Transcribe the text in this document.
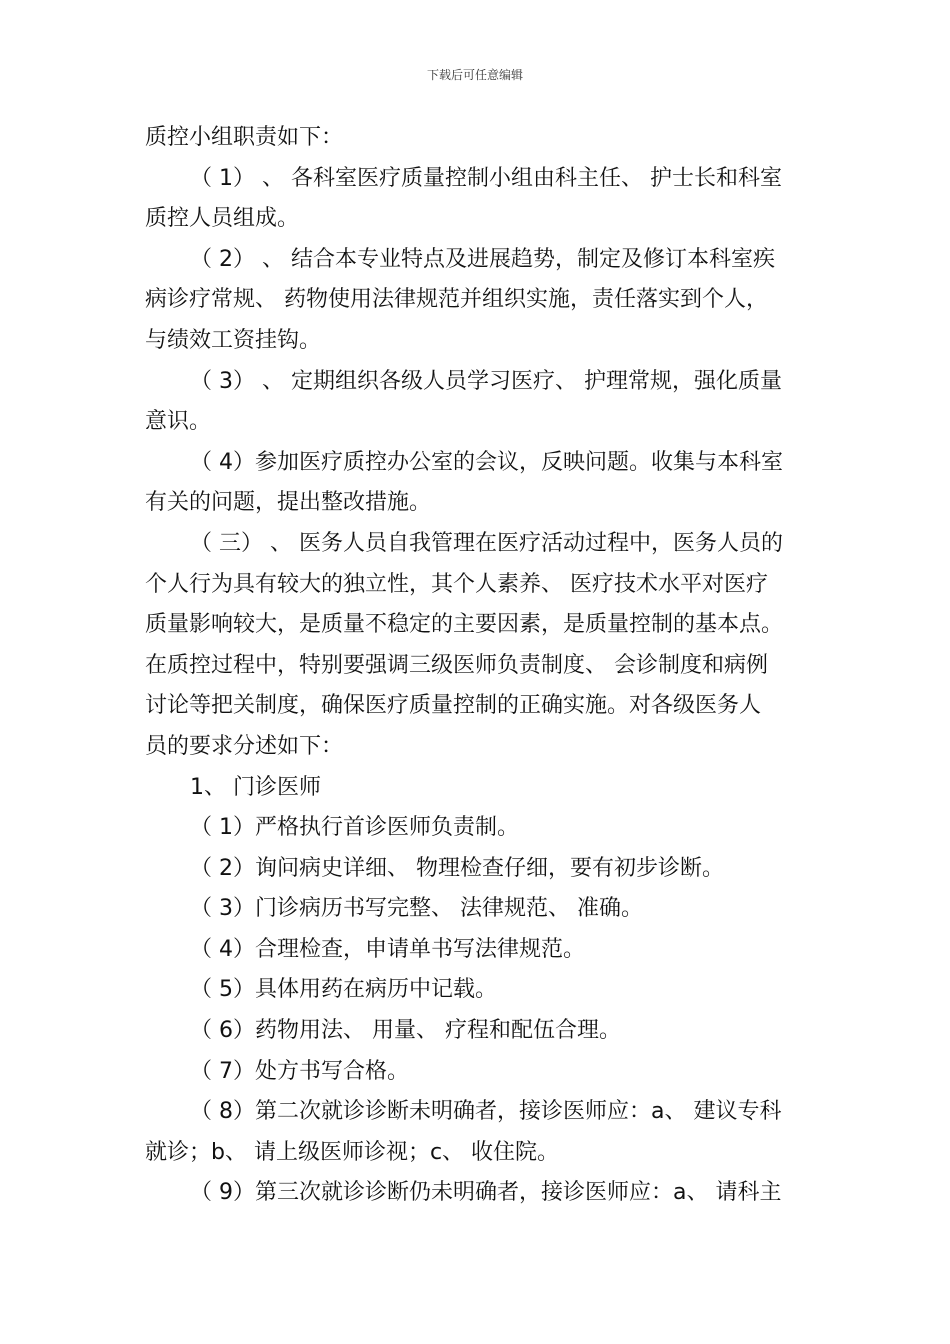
下载后可任意编辑
质控小组职责如下：
（ 1） 、 各科室医疗质量控制小组由科主任、 护士长和科室
质控人员组成。
（ 2） 、 结合本专业特点及进展趋势，制定及修订本科室疾
病诊疗常规、 药物使用法律规范并组织实施，责任落实到个人，
与绩效工资挂钩。
（ 3） 、 定期组织各级人员学习医疗、 护理常规，强化质量
意识。
（ 4）参加医疗质控办公室的会议，反映问题。收集与本科室
有关的问题，提出整改措施。
（ 三） 、 医务人员自我管理在医疗活动过程中，医务人员的
个人行为具有较大的独立性，其个人素养、 医疗技术水平对医疗
质量影响较大，是质量不稳定的主要因素，是质量控制的基本点。
在质控过程中，特别要强调三级医师负责制度、 会诊制度和病例
讨论等把关制度，确保医疗质量控制的正确实施。对各级医务人
员的要求分述如下：
1、 门诊医师
（ 1）严格执行首诊医师负责制。
（ 2）询问病史详细、 物理检查仔细，要有初步诊断。
（ 3）门诊病历书写完整、 法律规范、 准确。
（ 4）合理检查，申请单书写法律规范。
（ 5）具体用药在病历中记载。
（ 6）药物用法、 用量、 疗程和配伍合理。
（ 7）处方书写合格。
（ 8）第二次就诊诊断未明确者，接诊医师应：a、 建议专科
就诊；b、 请上级医师诊视；c、 收住院。
（ 9）第三次就诊诊断仍未明确者，接诊医师应：a、 请科主
